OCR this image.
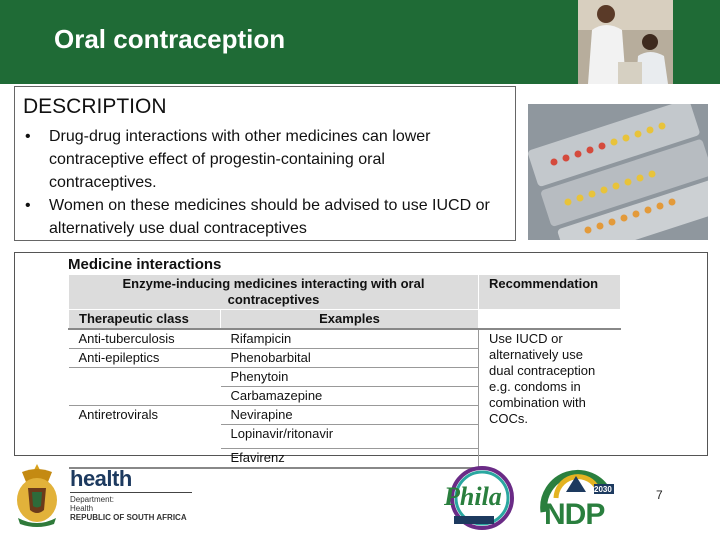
Oral contraception
DESCRIPTION
• Drug-drug interactions with other medicines can lower contraceptive effect of progestin-containing oral contraceptives.
• Women on these medicines should be advised to use IUCD or alternatively use dual contraceptives
Medicine interactions
Enzyme-inducing medicines interacting with oral contraceptives		Recommendation
Therapeutic class	Examples	
Anti-tuberculosis	Rifampicin	Use IUCD or alternatively use dual contraception e.g. condoms in combination with COCs.
Anti-epileptics	Phenobarbital	
	Phenytoin	
	Carbamazepine	
Antiretrovirals	Nevirapine	
	Lopinavir/ritonavir	
	Efavirenz	
health
Department:
Health
REPUBLIC OF SOUTH AFRICA
Phila	2030
NDP
7
